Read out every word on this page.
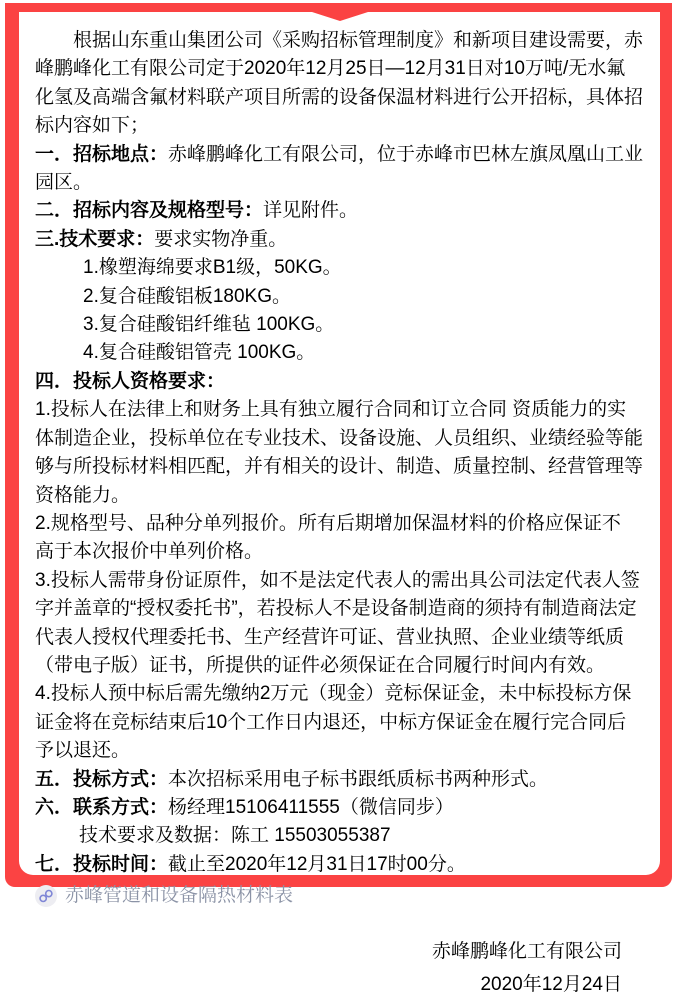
根据山东重山集团公司《采购招标管理制度》和新项目建设需要，赤峰鹏峰化工有限公司定于2020年12月25日—12月31日对10万吨/无水氟化氢及高端含氟材料联产项目所需的设备保温材料进行公开招标，具体招标内容如下；

一．招标地点：赤峰鹏峰化工有限公司，位于赤峰市巴林左旗凤凰山工业园区。

二．招标内容及规格型号：详见附件。

三.技术要求：要求实物净重。

1.橡塑海绵要求B1级，50KG。

2.复合硅酸铝板180KG。

3.复合硅酸铝纤维毡 100KG。

4.复合硅酸铝管壳 100KG。

四．投标人资格要求：

1.投标人在法律上和财务上具有独立履行合同和订立合同 资质能力的实体制造企业，投标单位在专业技术、设备设施、人员组织、业绩经验等能够与所投标材料相匹配，并有相关的设计、制造、质量控制、经营管理等资格能力。

2.规格型号、品种分单列报价。所有后期增加保温材料的价格应保证不 高于本次报价中单列价格。

3.投标人需带身份证原件，如不是法定代表人的需出具公司法定代表人签字并盖章的“授权委托书”，若投标人不是设备制造商的须持有制造商法定代表人授权代理委托书、生产经营许可证、营业执照、企业业绩等纸质（带电子版）证书，所提供的证件必须保证在合同履行时间内有效。

4.投标人预中标后需先缴纳2万元（现金）竞标保证金，未中标投标方保证金将在竞标结束后10个工作日内退还，中标方保证金在履行完合同后予以退还。

五．投标方式：本次招标采用电子标书跟纸质标书两种形式。

六．联系方式：杨经理15106411555（微信同步）

技术要求及数据：陈工 15503055387

七．投标时间：截止至2020年12月31日17时00分。

赤峰管道和设备隔热材料表

赤峰鹏峰化工有限公司

2020年12月24日
